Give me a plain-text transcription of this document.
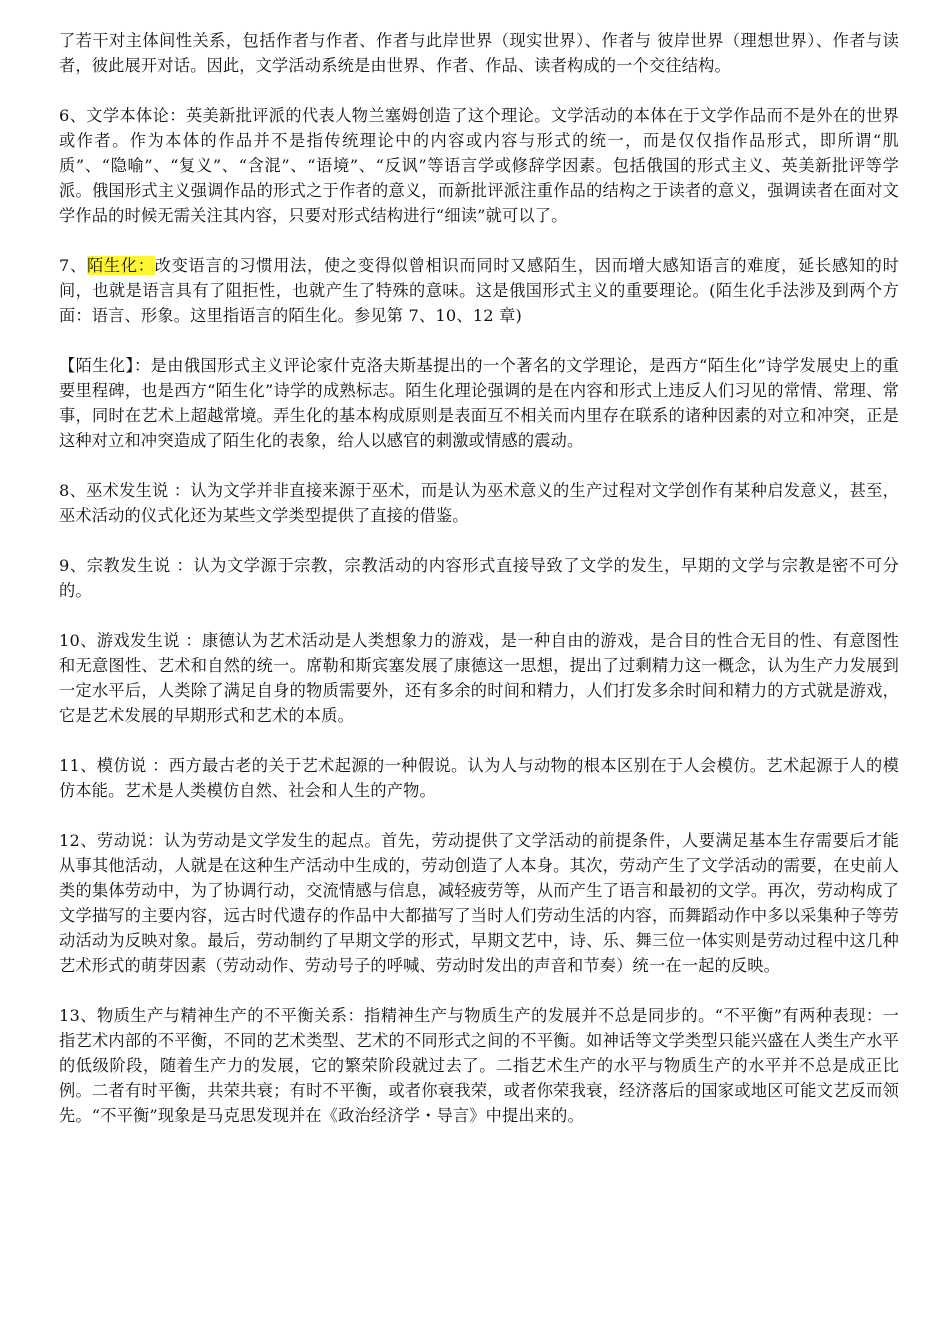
了若干对主体间性关系，包括作者与作者、作者与此岸世界（现实世界）、作者与 彼岸世界（理想世界）、作者与读者，彼此展开对话。因此，文学活动系统是由世界、作者、作品、读者构成的一个交往结构。

6、文学本体论：英美新批评派的代表人物兰塞姆创造了这个理论。文学活动的本体在于文学作品而不是外在的世界或作者。作为本体的作品并不是指传统理论中的内容或内容与形式的统一，而是仅仅指作品形式，即所谓“肌质”、“隐喻”、“复义”、“含混”、“语境”、“反讽”等语言学或修辞学因素。包括俄国的形式主义、英美新批评等学派。俄国形式主义强调作品的形式之于作者的意义，而新批评派注重作品的结构之于读者的意义，强调读者在面对文学作品的时候无需关注其内容，只要对形式结构进行“细读”就可以了。

7、陌生化：改变语言的习惯用法，使之变得似曾相识而同时又感陌生，因而增大感知语言的难度，延长感知的时间，也就是语言具有了阻拒性，也就产生了特殊的意味。这是俄国形式主义的重要理论。(陌生化手法涉及到两个方面：语言、形象。这里指语言的陌生化。参见第 7、10、12 章)

【陌生化】：是由俄国形式主义评论家什克洛夫斯基提出的一个著名的文学理论，是西方“陌生化”诗学发展史上的重要里程碑，也是西方“陌生化”诗学的成熟标志。陌生化理论强调的是在内容和形式上违反人们习见的常情、常理、常事，同时在艺术上超越常境。弄生化的基本构成原则是表面互不相关而内里存在联系的诸种因素的对立和冲突，正是这种对立和冲突造成了陌生化的表象，给人以感官的刺激或情感的震动。

8、巫术发生说 ：认为文学并非直接来源于巫术，而是认为巫术意义的生产过程对文学创作有某种启发意义，甚至，巫术活动的仪式化还为某些文学类型提供了直接的借鉴。

9、宗教发生说 ：认为文学源于宗教，宗教活动的内容形式直接导致了文学的发生，早期的文学与宗教是密不可分的。

10、游戏发生说 ：康德认为艺术活动是人类想象力的游戏，是一种自由的游戏，是合目的性合无目的性、有意图性和无意图性、艺术和自然的统一。席勒和斯宾塞发展了康德这一思想，提出了过剩精力这一概念，认为生产力发展到一定水平后，人类除了满足自身的物质需要外，还有多余的时间和精力，人们打发多余时间和精力的方式就是游戏，它是艺术发展的早期形式和艺术的本质。

11、模仿说 ：西方最古老的关于艺术起源的一种假说。认为人与动物的根本区别在于人会模仿。艺术起源于人的模仿本能。艺术是人类模仿自然、社会和人生的产物。

12、劳动说：认为劳动是文学发生的起点。首先，劳动提供了文学活动的前提条件，人要满足基本生存需要后才能从事其他活动，人就是在这种生产活动中生成的，劳动创造了人本身。其次，劳动产生了文学活动的需要，在史前人类的集体劳动中，为了协调行动，交流情感与信息，减轻疲劳等，从而产生了语言和最初的文学。再次，劳动构成了文学描写的主要内容，远古时代遗存的作品中大都描写了当时人们劳动生活的内容，而舞蹈动作中多以采集种子等劳动活动为反映对象。最后，劳动制约了早期文学的形式，早期文艺中，诗、乐、舞三位一体实则是劳动过程中这几种艺术形式的萌芽因素（劳动动作、劳动号子的呼喊、劳动时发出的声音和节奏）统一在一起的反映。

13、物质生产与精神生产的不平衡关系：指精神生产与物质生产的发展并不总是同步的。“不平衡”有两种表现：一指艺术内部的不平衡，不同的艺术类型、艺术的不同形式之间的不平衡。如神话等文学类型只能兴盛在人类生产水平的低级阶段，随着生产力的发展，它的繁荣阶段就过去了。二指艺术生产的水平与物质生产的水平并不总是成正比例。二者有时平衡，共荣共衰；有时不平衡，或者你衰我荣，或者你荣我衰，经济落后的国家或地区可能文艺反而领先。“不平衡”现象是马克思发现并在《政治经济学・导言》中提出来的。
